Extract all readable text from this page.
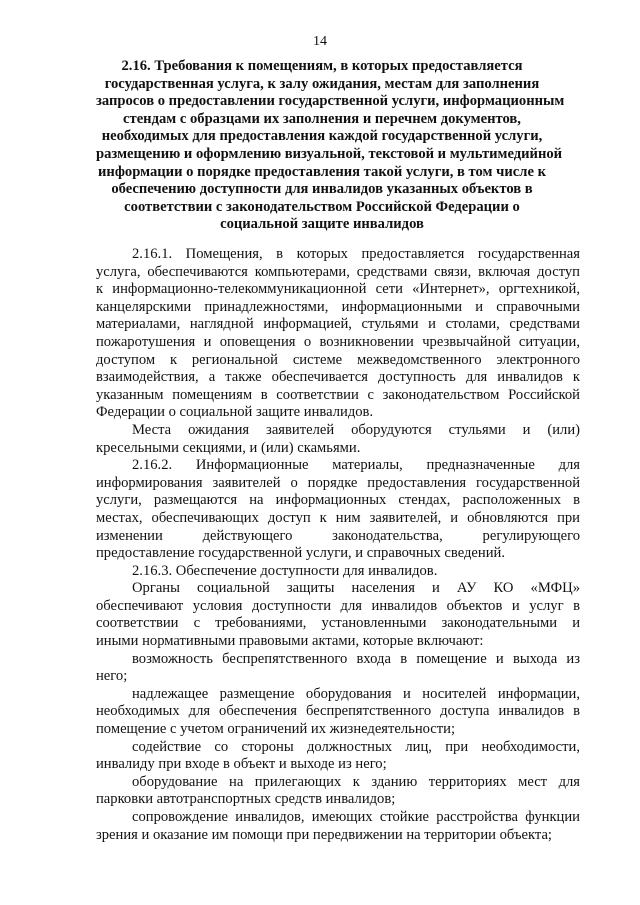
14
2.16. Требования к помещениям, в которых предоставляется
государственная услуга, к залу ожидания, местам для заполнения
запросов о предоставлении государственной услуги, информационным
стендам с образцами их заполнения и перечнем документов,
необходимых для предоставления каждой государственной услуги,
размещению и оформлению визуальной, текстовой и мультимедийной
информации о порядке предоставления такой услуги, в том числе к
обеспечению доступности для инвалидов указанных объектов в
соответствии с законодательством Российской Федерации о
социальной защите инвалидов
2.16.1. Помещения, в которых предоставляется государственная
услуга, обеспечиваются компьютерами, средствами связи, включая доступ
к информационно-телекоммуникационной сети «Интернет», оргтехникой,
канцелярскими принадлежностями, информационными и справочными
материалами, наглядной информацией, стульями и столами, средствами
пожаротушения и оповещения о возникновении чрезвычайной ситуации,
доступом к региональной системе межведомственного электронного
взаимодействия, а также обеспечивается доступность для инвалидов к
указанным помещениям в соответствии с законодательством Российской
Федерации о социальной защите инвалидов.
Места ожидания заявителей оборудуются стульями и (или)
кресельными секциями, и (или) скамьями.
2.16.2. Информационные материалы, предназначенные для
информирования заявителей о порядке предоставления государственной
услуги, размещаются на информационных стендах, расположенных в
местах, обеспечивающих доступ к ним заявителей, и обновляются при
изменении действующего законодательства, регулирующего
предоставление государственной услуги, и справочных сведений.
2.16.3. Обеспечение доступности для инвалидов.
Органы социальной защиты населения и АУ КО «МФЦ»
обеспечивают условия доступности для инвалидов объектов и услуг в
соответствии с требованиями, установленными законодательными и
иными нормативными правовыми актами, которые включают:
возможность беспрепятственного входа в помещение и выхода из
него;
надлежащее размещение оборудования и носителей информации,
необходимых для обеспечения беспрепятственного доступа инвалидов в
помещение с учетом ограничений их жизнедеятельности;
содействие со стороны должностных лиц, при необходимости,
инвалиду при входе в объект и выходе из него;
оборудование на прилегающих к зданию территориях мест для
парковки автотранспортных средств инвалидов;
сопровождение инвалидов, имеющих стойкие расстройства функции
зрения и оказание им помощи при передвижении на территории объекта;
